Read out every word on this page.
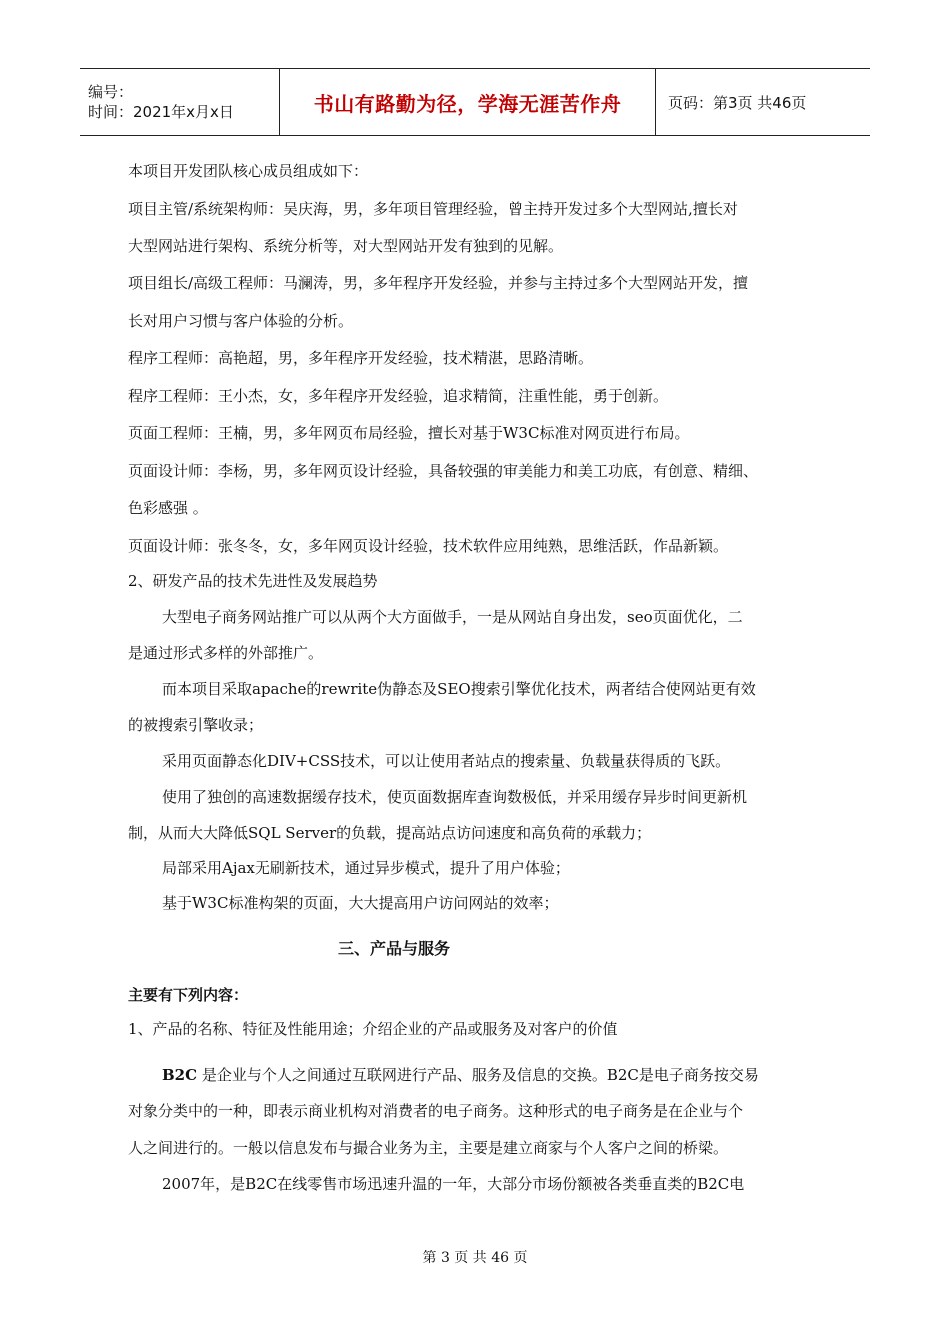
编号：
时间：2021年x月x日	书山有路勤为径，学海无涯苦作舟	页码：第3页 共46页
本项目开发团队核心成员组成如下：
项目主管/系统架构师：吴庆海，男，多年项目管理经验，曾主持开发过多个大型网站,擅长对
大型网站进行架构、系统分析等，对大型网站开发有独到的见解。
项目组长/高级工程师：马澜涛，男，多年程序开发经验，并参与主持过多个大型网站开发，擅
长对用户习惯与客户体验的分析。
程序工程师：高艳超，男，多年程序开发经验，技术精湛，思路清晰。
程序工程师：王小杰，女，多年程序开发经验，追求精简，注重性能，勇于创新。
页面工程师：王楠，男，多年网页布局经验，擅长对基于W3C标准对网页进行布局。
页面设计师：李杨，男，多年网页设计经验，具备较强的审美能力和美工功底，有创意、精细、
色彩感强 。
页面设计师：张冬冬，女，多年网页设计经验，技术软件应用纯熟，思维活跃，作品新颖。
2、研发产品的技术先进性及发展趋势
大型电子商务网站推广可以从两个大方面做手，一是从网站自身出发，seo页面优化，二
是通过形式多样的外部推广。
而本项目采取apache的rewrite伪静态及SEO搜索引擎优化技术，两者结合使网站更有效
的被搜索引擎收录；
采用页面静态化DIV+CSS技术，可以让使用者站点的搜索量、负载量获得质的飞跃。
使用了独创的高速数据缓存技术，使页面数据库查询数极低，并采用缓存异步时间更新机
制，从而大大降低SQL Server的负载，提高站点访问速度和高负荷的承载力；
局部采用Ajax无刷新技术，通过异步模式，提升了用户体验；
基于W3C标准构架的页面，大大提高用户访问网站的效率；
三、产品与服务
主要有下列内容：
1、产品的名称、特征及性能用途；介绍企业的产品或服务及对客户的价值
B2C 是企业与个人之间通过互联网进行产品、服务及信息的交换。B2C是电子商务按交易
对象分类中的一种，即表示商业机构对消费者的电子商务。这种形式的电子商务是在企业与个
人之间进行的。一般以信息发布与撮合业务为主，主要是建立商家与个人客户之间的桥梁。
2007年，是B2C在线零售市场迅速升温的一年，大部分市场份额被各类垂直类的B2C电
第 3 页 共 46 页
